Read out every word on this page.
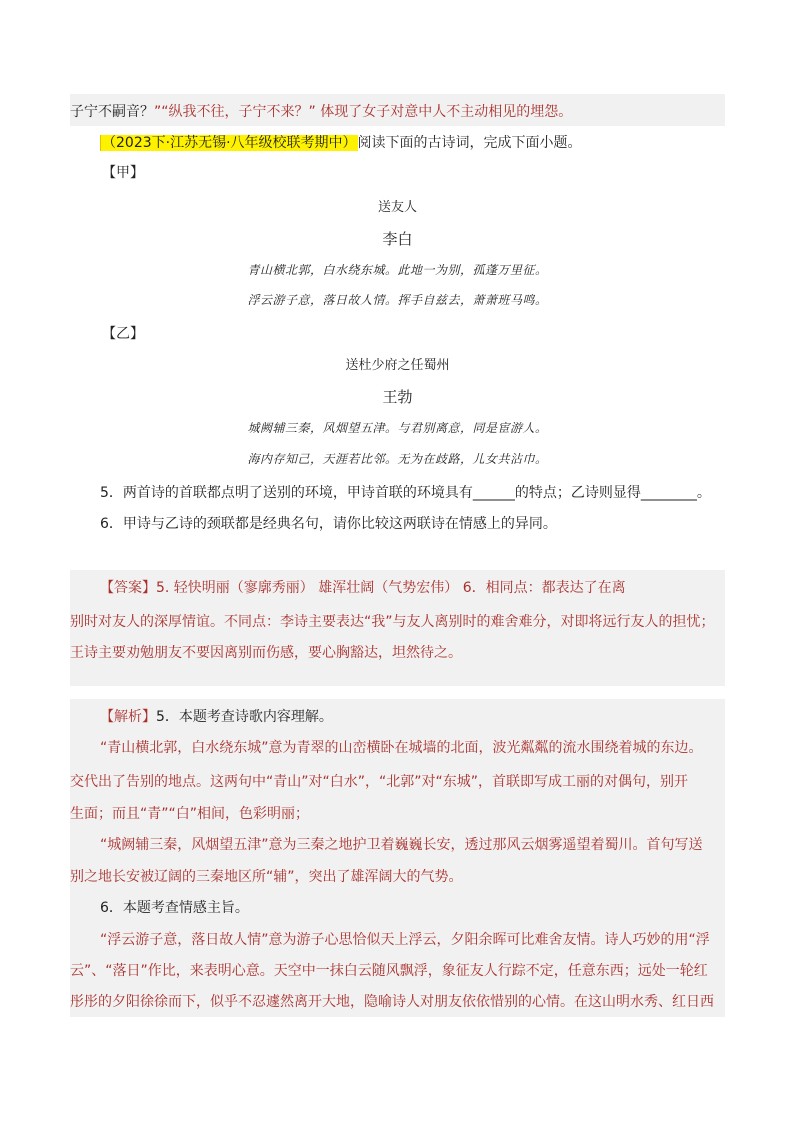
子宁不嗣音？”“纵我不往，子宁不来？” 体现了女子对意中人不主动相见的埋怨。
（2023下·江苏无锡·八年级校联考期中）阅读下面的古诗词，完成下面小题。
【甲】
送友人
李白
青山横北郭，白水绕东城。此地一为别，孤蓬万里征。
浮云游子意，落日故人情。挥手自兹去，萧萧班马鸣。
【乙】
送杜少府之任蜀州
王勃
城阙辅三秦，风烟望五津。与君别离意，同是宦游人。
海内存知己，天涯若比邻。无为在歧路，儿女共沾巾。
5．两首诗的首联都点明了送别的环境，甲诗首联的环境具有______的特点；乙诗则显得________。
6．甲诗与乙诗的颈联都是经典名句，请你比较这两联诗在情感上的异同。
【答案】5. 轻快明丽（寥廓秀丽） 雄浑壮阔（气势宏伟） 6．相同点：都表达了在离
别时对友人的深厚情谊。不同点：李诗主要表达“我”与友人离别时的难舍难分，对即将远行友人的担忧；
王诗主要劝勉朋友不要因离别而伤感，要心胸豁达，坦然待之。
【解析】5．本题考查诗歌内容理解。
“青山横北郭，白水绕东城”意为青翠的山峦横卧在城墙的北面，波光粼粼的流水围绕着城的东边。
交代出了告别的地点。这两句中“青山”对“白水”，“北郭”对“东城”，首联即写成工丽的对偶句，别开
生面；而且“青”“白”相间，色彩明丽；
“城阙辅三秦，风烟望五津”意为三秦之地护卫着巍巍长安，透过那风云烟雾遥望着蜀川。首句写送
别之地长安被辽阔的三秦地区所“辅”，突出了雄浑阔大的气势。
6．本题考查情感主旨。
“浮云游子意，落日故人情”意为游子心思恰似天上浮云，夕阳余晖可比难舍友情。诗人巧妙的用“浮
云”、“落日”作比，来表明心意。天空中一抹白云随风飘浮，象征友人行踪不定，任意东西；远处一轮红
彤彤的夕阳徐徐而下，似乎不忍遽然离开大地，隐喻诗人对朋友依依惜别的心情。在这山明水秀、红日西
